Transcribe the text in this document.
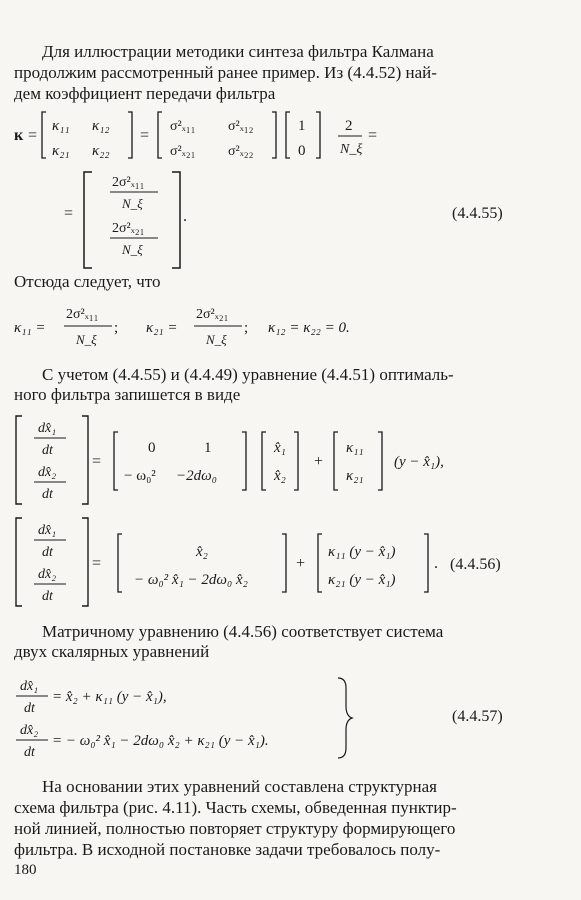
Для иллюстрации методики синтеза фильтра Калмана
продолжим рассмотренный ранее пример. Из (4.4.52) най-
дем коэффициент передачи фильтра
к =
κ₁₁ κ₁₂
κ₂₁ κ₂₂
=
σ²ₓ₁₁ σ²ₓ₁₂
σ²ₓ₂₁ σ²ₓ₂₂
1
0
2
N_ξ
=
=
2σ²ₓ₁₁
N_ξ
2σ²ₓ₂₁
N_ξ
.	(4.4.55)
Отсюда следует, что
κ₁₁ =
2σ²ₓ₁₁
N_ξ
; κ₂₁ =
2σ²ₓ₂₁
N_ξ
; κ₁₂ = κ₂₂ = 0.
С учетом (4.4.55) и (4.4.49) уравнение (4.4.51) оптималь-
ного фильтра запишется в виде
dx̂₁
dt
dx̂₂
dt
=
0	1
− ω₀² −2dω₀
x̂₁
x̂₂
+
κ₁₁
κ₂₁
(y − x̂₁),
dx̂₁
dt
dx̂₂
dt
=
x̂₂
− ω₀² x̂₁ − 2dω₀ x̂₂
+
κ₁₁ (y − x̂₁)
κ₂₁ (y − x̂₁)
. (4.4.56)
Матричному уравнению (4.4.56) соответствует система
двух скалярных уравнений
dx̂₁
dt
= x̂₂ + κ₁₁ (y − x̂₁),
dx̂₂
dt
= − ω₀² x̂₁ − 2dω₀ x̂₂ + κ₂₁ (y − x̂₁).
(4.4.57)
На основании этих уравнений составлена структурная
схема фильтра (рис. 4.11). Часть схемы, обведенная пунктир-
ной линией, полностью повторяет структуру формирующего
фильтра. В исходной постановке задачи требовалось полу-
180
